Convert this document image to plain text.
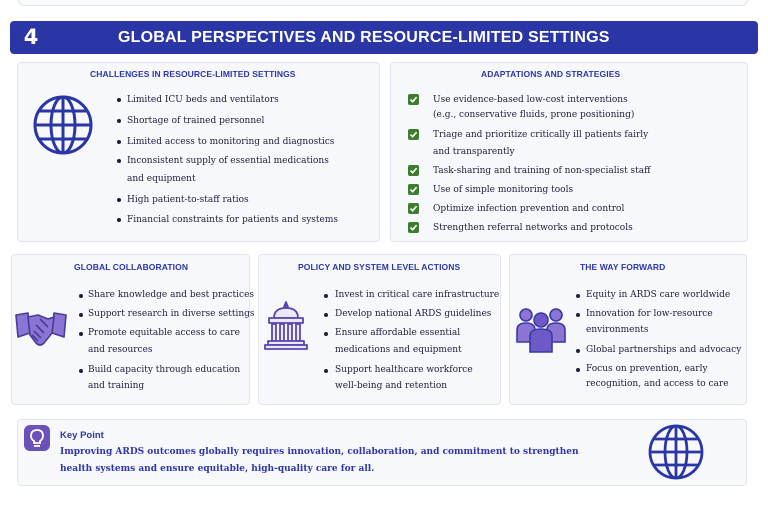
4	GLOBAL PERSPECTIVES AND RESOURCE-LIMITED SETTINGS
CHALLENGES IN RESOURCE-LIMITED SETTINGS
Limited ICU beds and ventilators
Shortage of trained personnel
Limited access to monitoring and diagnostics
Inconsistent supply of essential medications
and equipment
High patient-to-staff ratios
Financial constraints for patients and systems
ADAPTATIONS AND STRATEGIES
Use evidence-based low-cost interventions
(e.g., conservative fluids, prone positioning)
Triage and prioritize critically ill patients fairly
and transparently
Task-sharing and training of non-specialist staff
Use of simple monitoring tools
Optimize infection prevention and control
Strengthen referral networks and protocols
GLOBAL COLLABORATION
Share knowledge and best practices
Support research in diverse settings
Promote equitable access to care
and resources
Build capacity through education
and training
POLICY AND SYSTEM LEVEL ACTIONS
Invest in critical care infrastructure
Develop national ARDS guidelines
Ensure affordable essential
medications and equipment
Support healthcare workforce
well-being and retention
THE WAY FORWARD
Equity in ARDS care worldwide
Innovation for low-resource
environments
Global partnerships and advocacy
Focus on prevention, early
recognition, and access to care
Key Point
Improving ARDS outcomes globally requires innovation, collaboration, and commitment to strengthen
health systems and ensure equitable, high-quality care for all.
